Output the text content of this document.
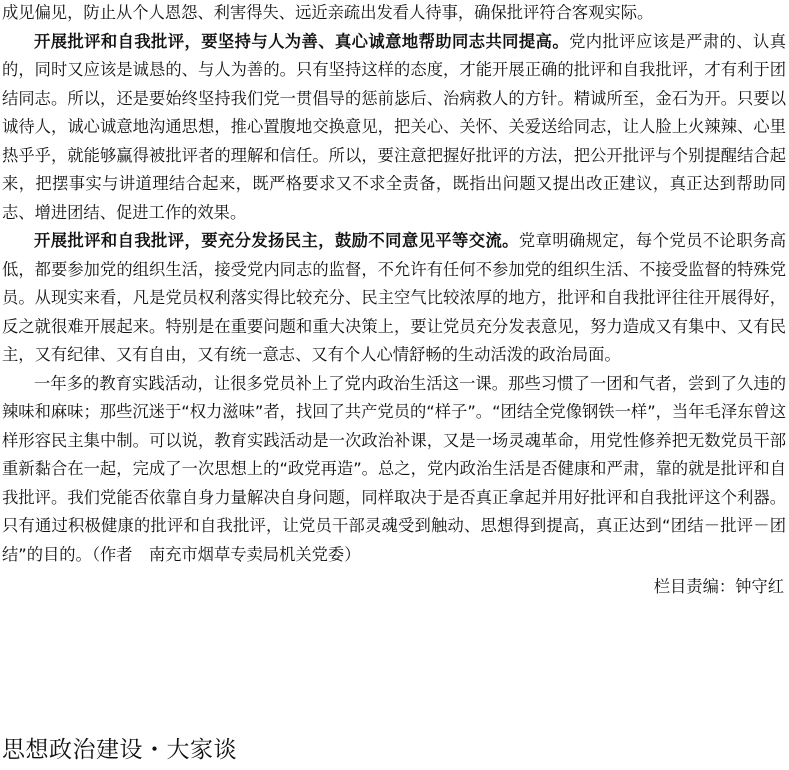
成见偏见，防止从个人恩怨、利害得失、远近亲疏出发看人待事，确保批评符合客观实际。

开展批评和自我批评，要坚持与人为善、真心诚意地帮助同志共同提高。党内批评应该是严肃的、认真的，同时又应该是诚恳的、与人为善的。只有坚持这样的态度，才能开展正确的批评和自我批评，才有利于团结同志。所以，还是要始终坚持我们党一贯倡导的惩前毖后、治病救人的方针。精诚所至，金石为开。只要以诚待人，诚心诚意地沟通思想，推心置腹地交换意见，把关心、关怀、关爱送给同志，让人脸上火辣辣、心里热乎乎，就能够赢得被批评者的理解和信任。所以，要注意把握好批评的方法，把公开批评与个别提醒结合起来，把摆事实与讲道理结合起来，既严格要求又不求全责备，既指出问题又提出改正建议，真正达到帮助同志、增进团结、促进工作的效果。

开展批评和自我批评，要充分发扬民主，鼓励不同意见平等交流。党章明确规定，每个党员不论职务高低，都要参加党的组织生活，接受党内同志的监督，不允许有任何不参加党的组织生活、不接受监督的特殊党员。从现实来看，凡是党员权利落实得比较充分、民主空气比较浓厚的地方，批评和自我批评往往开展得好，反之就很难开展起来。特别是在重要问题和重大决策上，要让党员充分发表意见，努力造成又有集中、又有民主，又有纪律、又有自由，又有统一意志、又有个人心情舒畅的生动活泼的政治局面。

一年多的教育实践活动，让很多党员补上了党内政治生活这一课。那些习惯了一团和气者，尝到了久违的辣味和麻味；那些沉迷于“权力滋味”者，找回了共产党员的“样子”。“团结全党像钢铁一样”，当年毛泽东曾这样形容民主集中制。可以说，教育实践活动是一次政治补课，又是一场灵魂革命，用党性修养把无数党员干部重新黏合在一起，完成了一次思想上的“政党再造”。总之，党内政治生活是否健康和严肃，靠的就是批评和自我批评。我们党能否依靠自身力量解决自身问题，同样取决于是否真正拿起并用好批评和自我批评这个利器。只有通过积极健康的批评和自我批评，让党员干部灵魂受到触动、思想得到提高，真正达到“团结－批评－团结”的目的。（作者　南充市烟草专卖局机关党委）

栏目责编：钟守红

思想政治建设・大家谈
